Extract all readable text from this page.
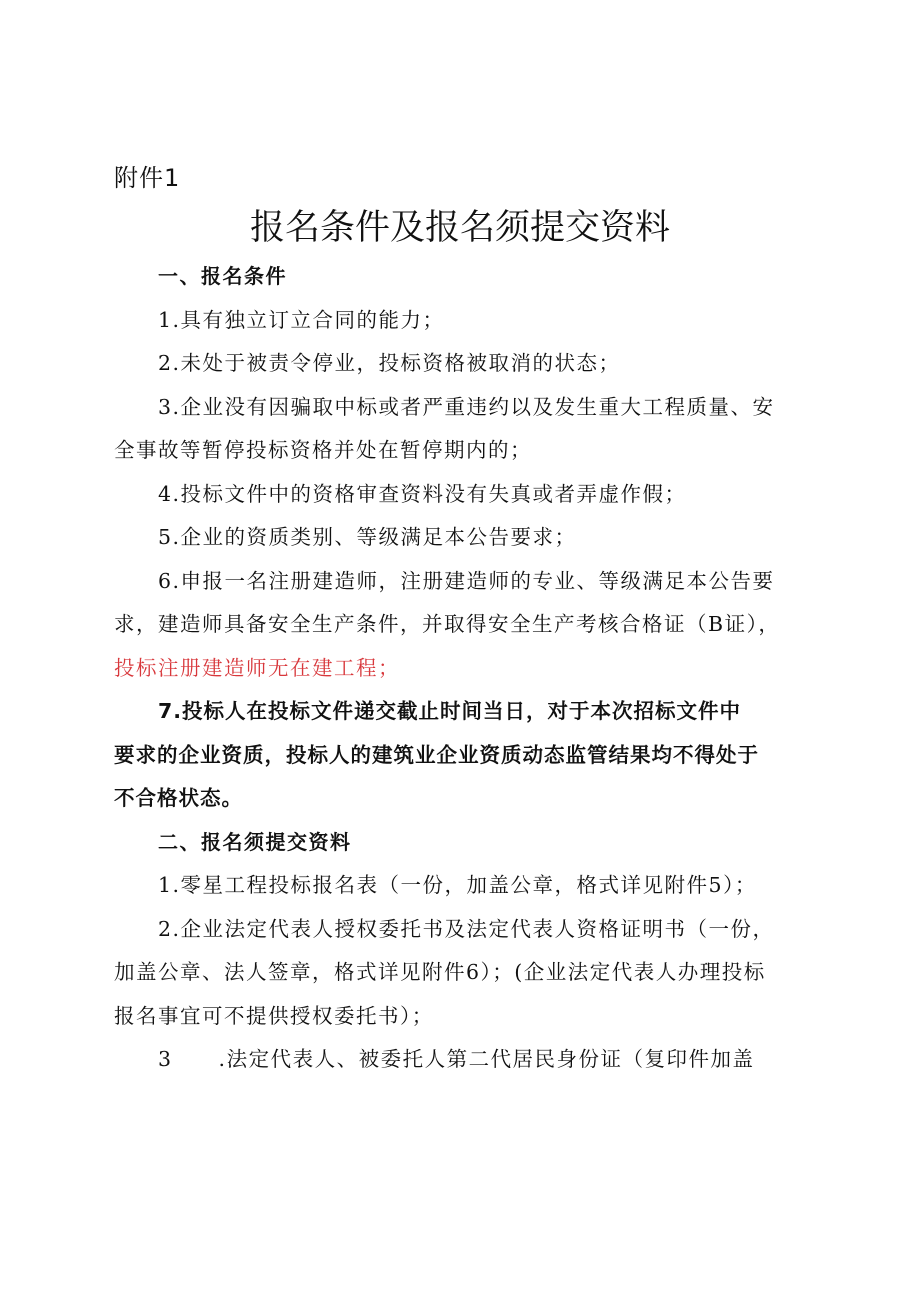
附件1
报名条件及报名须提交资料
一、报名条件
1.具有独立订立合同的能力；
2.未处于被责令停业，投标资格被取消的状态；
3.企业没有因骗取中标或者严重违约以及发生重大工程质量、安
全事故等暂停投标资格并处在暂停期内的；
4.投标文件中的资格审查资料没有失真或者弄虚作假；
5.企业的资质类别、等级满足本公告要求；
6.申报一名注册建造师，注册建造师的专业、等级满足本公告要
求，建造师具备安全生产条件，并取得安全生产考核合格证（B证），
投标注册建造师无在建工程；
7.投标人在投标文件递交截止时间当日，对于本次招标文件中
要求的企业资质，投标人的建筑业企业资质动态监管结果均不得处于
不合格状态。
二、报名须提交资料
1.零星工程投标报名表（一份，加盖公章，格式详见附件5）；
2.企业法定代表人授权委托书及法定代表人资格证明书（一份，
加盖公章、法人签章，格式详见附件6）；(企业法定代表人办理投标
报名事宜可不提供授权委托书）；
3 .法定代表人、被委托人第二代居民身份证（复印件加盖
